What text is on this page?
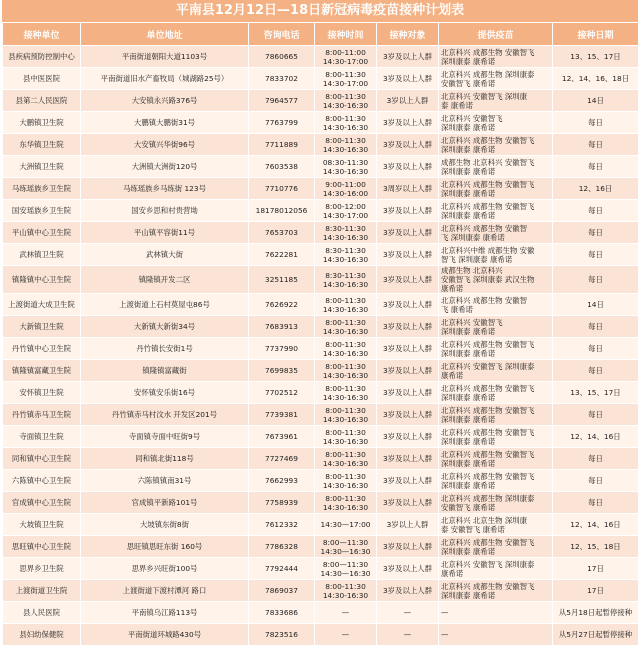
平南县12月12日—18日新冠病毒疫苗接种计划表
接种单位	单位地址	咨询电话	接种时间	接种对象	提供疫苗	接种日期
县疾病预防控制中心	平南街道朝阳大道1103号	7860665	8:00-11:00
14:30-17:00	3岁及以上人群	北京科兴 成都生物 安徽智飞
深圳康泰 康希诺	13、15、17日
县中医医院	平南街道旧水产畜牧局（城湖路25号）	7833702	8:00-11:30
14:30-17:00	3岁及以上人群	北京科兴 成都生物 深圳康泰
安徽智飞 康希诺	12、14、16、18日
县第二人民医院	大安镇永兴路376号	7964577	8:00-11:30
14:30-16:30	3岁以上人群	北京科兴 安徽智飞 深圳康
泰 康希诺	14日
大鹏镇卫生院	大鹏镇大鹏街31号	7763799	8:00-11:30
14:30-16:30	3岁及以上人群	北京科兴 安徽智飞
深圳康泰 康希诺	每日
东华镇卫生院	大安镇兴华街96号	7711889	8:00-11:30
14:30-16:30	3岁及以上人群	北京科兴 成都生物 安徽智飞
深圳康泰 康希诺	每日
大洲镇卫生院	大洲镇大洲街120号	7603538	08:30-11:30
14:30-16:30	3岁及以上人群	成都生物 北京科兴 安徽智飞
深圳康泰 康希诺	每日
马练瑶族乡卫生院	马练瑶族乡马练街 123号	7710776	9:00-11:00
14:30-16:00	3周岁以上人群	北京科兴 成都生物 安徽智飞
深圳康泰 康希诺	12、16日
国安瑶族乡卫生院	国安乡思和村贵营坳	18178012056	8:00-12:00
14:30-17:00	3岁及以上人群	北京科兴 成都生物 安徽智飞
深圳康泰 康希诺	每日
平山镇中心卫生院	平山镇平容街11号	7653703	8:30-11:30
14:30-16:30	3岁及以上人群	北京科兴 成都生物 安徽智
飞 深圳康泰 康希诺	每日
武林镇卫生院	武林镇大街	7622281	8:30-11:30
14:30-16:30	3岁及以上人群	北京科兴中维 成都生物 安徽
智飞 深圳康泰 康希诺	每日
镇隆镇中心卫生院	镇隆镇开发二区	3251185	8:30-11:30
14:30-16:30	3岁及以上人群	成都生物 北京科兴
安徽智飞 深圳康泰 武汉生物
康希诺	每日
上渡街道大成卫生院	上渡街道上石村莫屋屯86号	7626922	8:00-11:30
14:30-16:30	3岁及以上人群	北京科兴 成都生物 安徽智
飞 康希诺	14日
大新镇卫生院	大新镇大新街34号	7683913	8:00-11:30
14:30-16:30	3岁及以上人群	北京科兴 安徽智飞
深圳康泰 康希诺	每日
丹竹镇中心卫生院	丹竹镇长安街1号	7737990	8:00-11:30
14:30-16:30	3岁及以上人群	北京科兴 成都生物 安徽智飞
深圳康泰 康希诺	每日
镇隆镇富藏卫生院	镇隆镇富藏街	7699835	8:00-11:30
14:30-16:30	3岁及以上人群	北京科兴 安徽智飞 深圳康泰
康希诺	每日
安怀镇卫生院	安怀镇安乐街16号	7702512	8:00-11:30
14:30-16:30	3岁及以上人群	北京科兴 成都生物 安徽智飞
深圳康泰 康希诺	13、15、17日
丹竹镇赤马卫生院	丹竹镇赤马村汶水 开发区201号	7739381	8:00-11:30
14:30-16:30	3岁及以上人群	北京科兴 成都生物 安徽智飞
深圳康泰 康希诺	每日
寺面镇卫生院	寺面镇寺面中旺街9号	7673961	8:00-11:30
14:30-16:30	3岁及以上人群	北京科兴 成都生物 安徽智飞
深圳康泰 康希诺	12、14、16日
同和镇中心卫生院	同和镇北街118号	7727469	8:00-11:30
14:30-16:30	3岁及以上人群	北京科兴 成都生物 安徽智飞
深圳康泰 康希诺	每日
六陈镇中心卫生院	六陈镇镇南31号	7662993	8:00-11:30
14:30-16:30	3岁及以上人群	北京科兴 成都生物 安徽智飞
深圳康泰 康希诺	每日
官成镇中心卫生院	官成镇平新路101号	7758939	8:00-11:30
14:30-16:30	3岁及以上人群	北京科兴 成都生物 深圳康泰
安徽智飞 康希诺	每日
大坡镇卫生院	大坡镇东街8街	7612332	14:30—17:00	3岁以上人群	北京科兴 北京生物 深圳康
泰 安徽智飞 康希诺	12、14、16日
思旺镇中心卫生院	思旺镇思旺东街 160号	7786328	8:00—11:30
14:30—16:30	3岁及以上人群	北京科兴 成都生物 安徽智飞
深圳康泰 康希诺	12、15、18日
思界乡卫生院	思界乡兴旺街100号	7792444	8:00—11:30
14:30—16:30	3岁及以上人群	北京科兴 安徽智飞 深圳康泰
康希诺	17日
上渡街道卫生院	上渡街道下渡村潭河 路口	7869037	8:00-11:30
14:30-16:30	3岁及以上人群	北京科兴 成都生物 安徽智飞
深圳康泰 康希诺	17日
县人民医院	平南镇乌江路113号	7833686	—	—	—	从5月18日起暂停接种
县妇幼保健院	平南街道环城路430号	7823516	—	—	—	从5月27日起暂停接种
